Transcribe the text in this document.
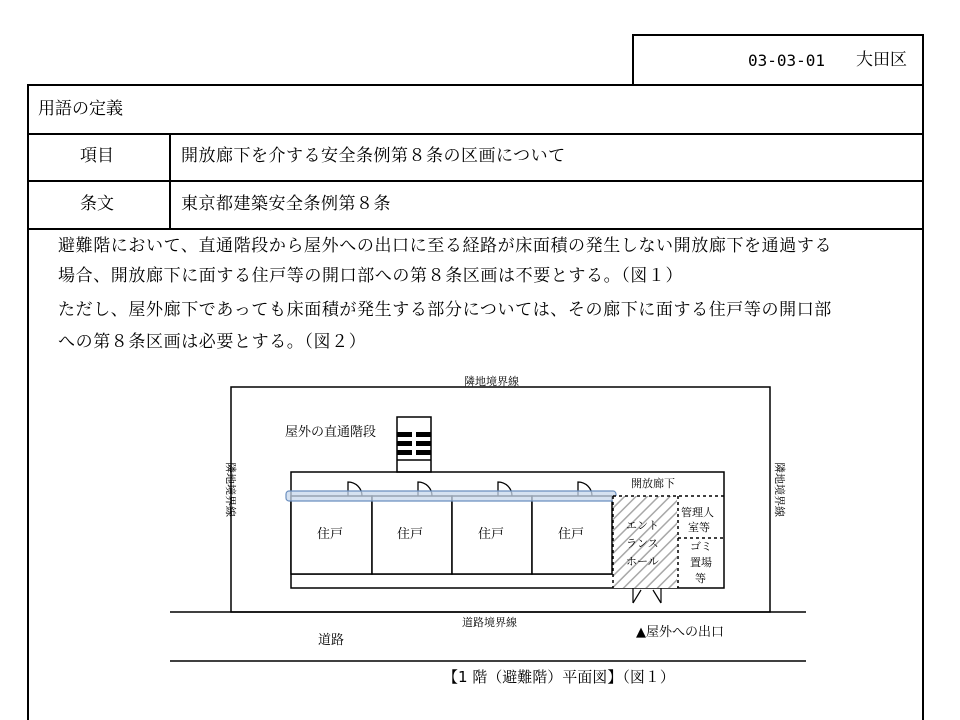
03-03-01 大田区
用語の定義
項目	開放廊下を介する安全条例第８条の区画について
条文	東京都建築安全条例第８条
避難階において、直通階段から屋外への出口に至る経路が床面積の発生しない開放廊下を通過する
場合、開放廊下に面する住戸等の開口部への第８条区画は不要とする。（図１）
ただし、屋外廊下であっても床面積が発生する部分については、その廊下に面する住戸等の開口部
への第８条区画は必要とする。（図２）
隣地境界線
隣地境界線	隣地境界線
屋外の直通階段
住戸	住戸	住戸	住戸
開放廊下
エント
ランス
ホール
管理人
室等
ゴミ
置場
等
道路境界線
道路
▲屋外への出口
【1 階（避難階）平面図】（図１）
